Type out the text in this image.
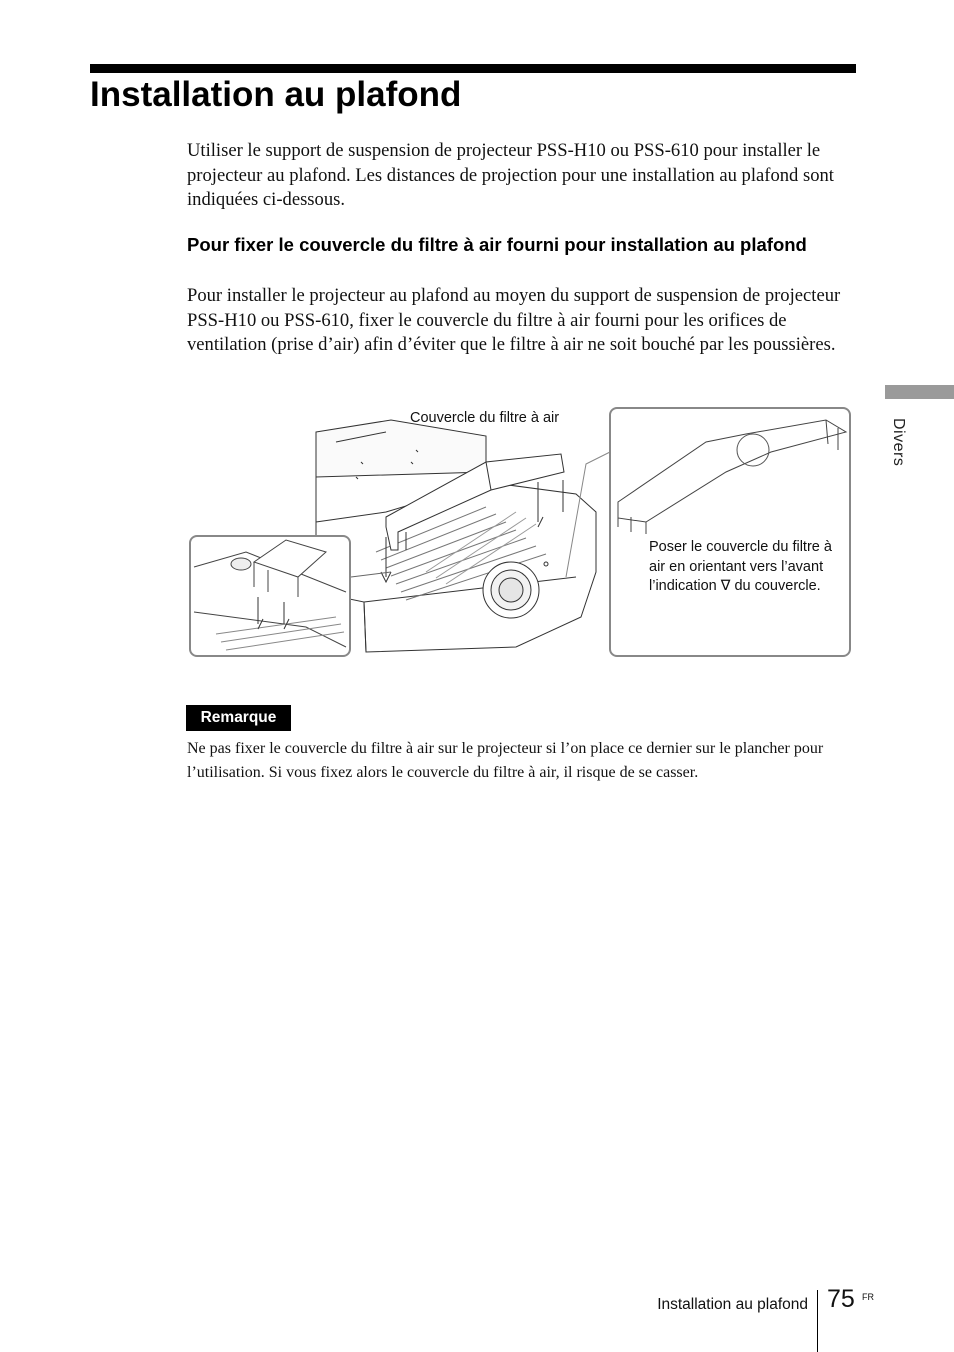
Installation au plafond

Utiliser le support de suspension de projecteur PSS-H10 ou PSS-610 pour installer le projecteur au plafond. Les distances de projection pour une installation au plafond sont indiquées ci-dessous.

Pour fixer le couvercle du filtre à air fourni pour installation au plafond

Pour installer le projecteur au plafond au moyen du support de suspension de projecteur PSS-H10 ou PSS-610, fixer le couvercle du filtre à air fourni pour les orifices de ventilation (prise d’air) afin d’éviter que le filtre à air ne soit bouché par les poussières.

Couvercle du filtre à air
Poser le couvercle du filtre à air en orientant vers l’avant l’indication ∇ du couvercle.
Remarque

Ne pas fixer le couvercle du filtre à air sur le projecteur si l’on place ce dernier sur le plancher pour l’utilisation. Si vous fixez alors le couvercle du filtre à air, il risque de se casser.

Divers
Installation au plafond 75 FR
